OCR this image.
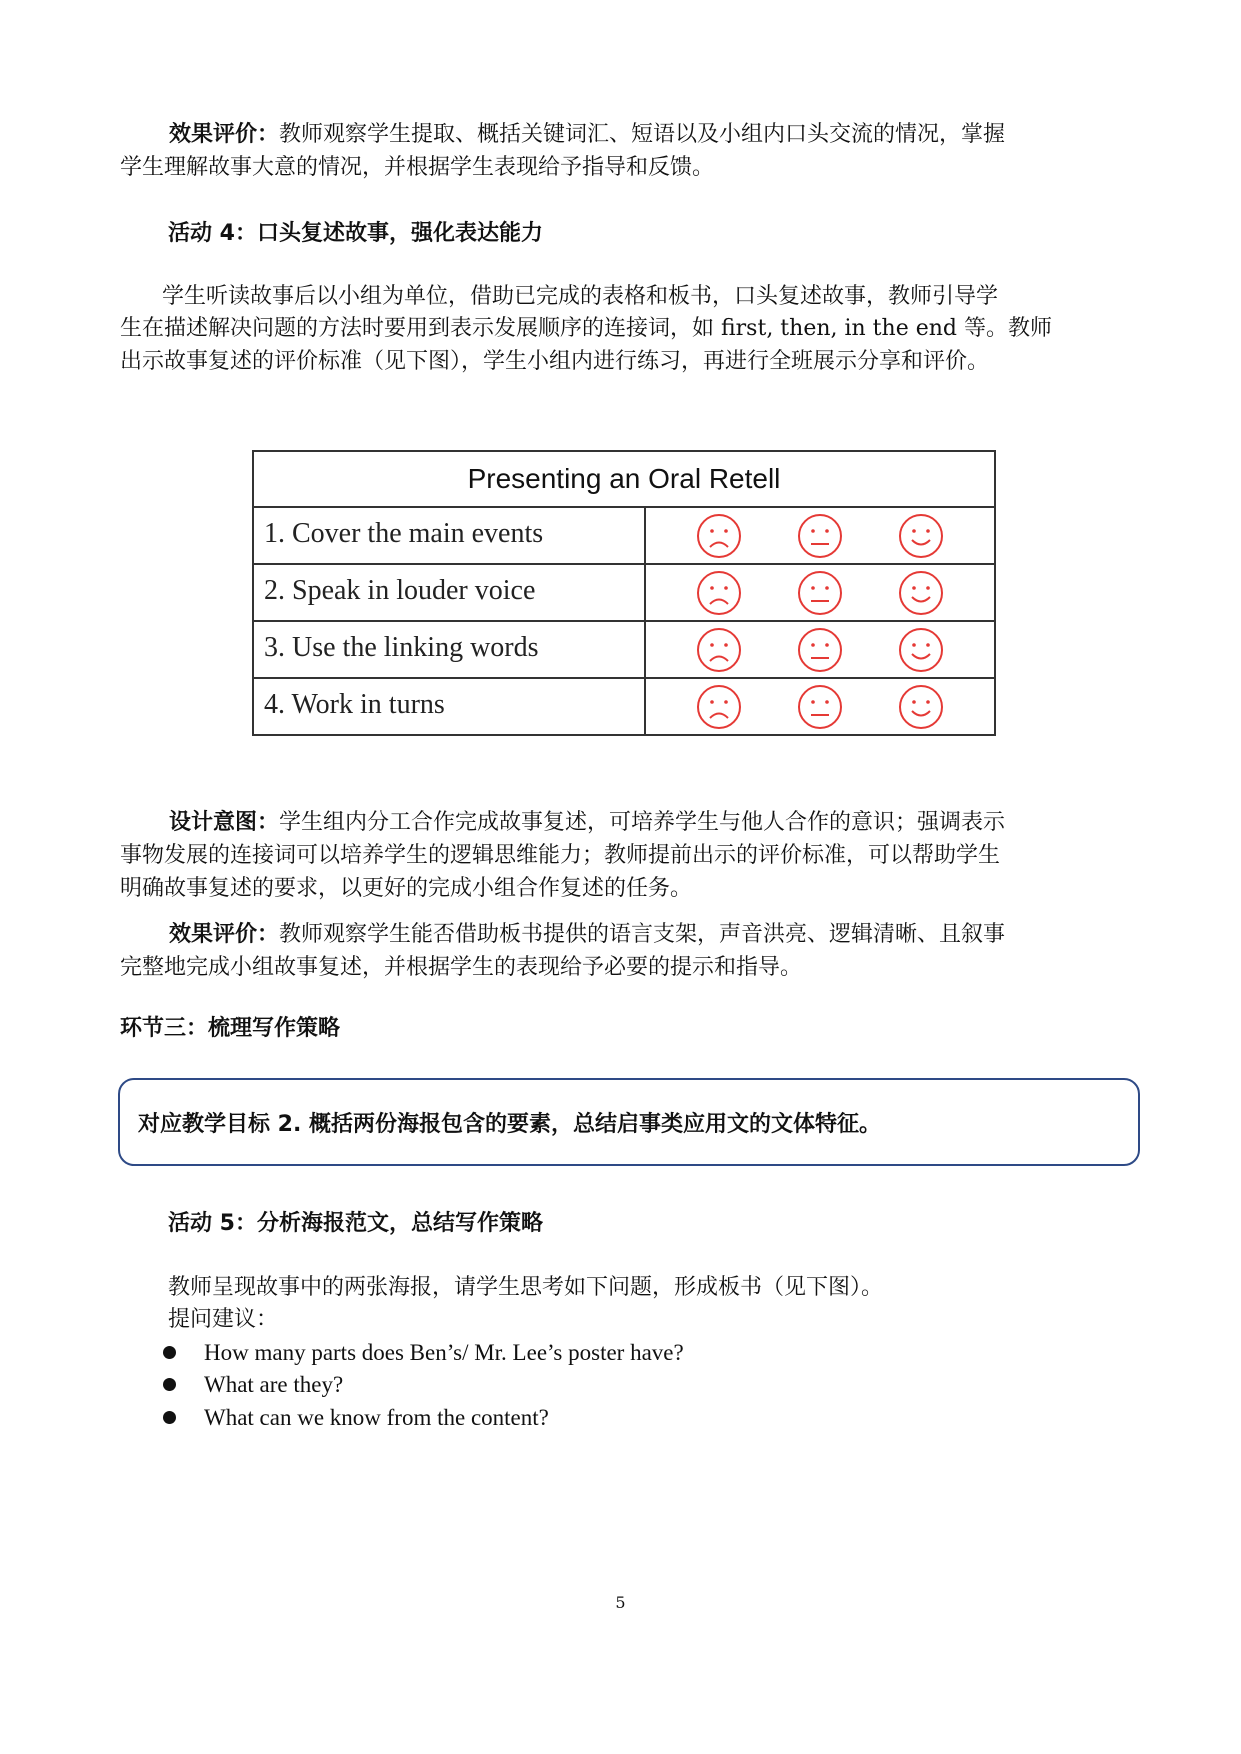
效果评价：教师观察学生提取、概括关键词汇、短语以及小组内口头交流的情况，掌握

学生理解故事大意的情况，并根据学生表现给予指导和反馈。

活动 4：口头复述故事，强化表达能力

学生听读故事后以小组为单位，借助已完成的表格和板书，口头复述故事，教师引导学

生在描述解决问题的方法时要用到表示发展顺序的连接词，如 first, then, in the end 等。教师

出示故事复述的评价标准（见下图），学生小组内进行练习，再进行全班展示分享和评价。

Presenting an Oral Retell
1. Cover the main events
2. Speak in louder voice
3. Use the linking words
4. Work in turns

设计意图：学生组内分工合作完成故事复述，可培养学生与他人合作的意识；强调表示

事物发展的连接词可以培养学生的逻辑思维能力；教师提前出示的评价标准，可以帮助学生

明确故事复述的要求，以更好的完成小组合作复述的任务。

效果评价：教师观察学生能否借助板书提供的语言支架，声音洪亮、逻辑清晰、且叙事

完整地完成小组故事复述，并根据学生的表现给予必要的提示和指导。

环节三：梳理写作策略

对应教学目标 2. 概括两份海报包含的要素，总结启事类应用文的文体特征。

活动 5：分析海报范文，总结写作策略

教师呈现故事中的两张海报，请学生思考如下问题，形成板书（见下图）。

提问建议：

How many parts does Ben’s/ Mr. Lee’s poster have?
What are they?
What can we know from the content?
5
